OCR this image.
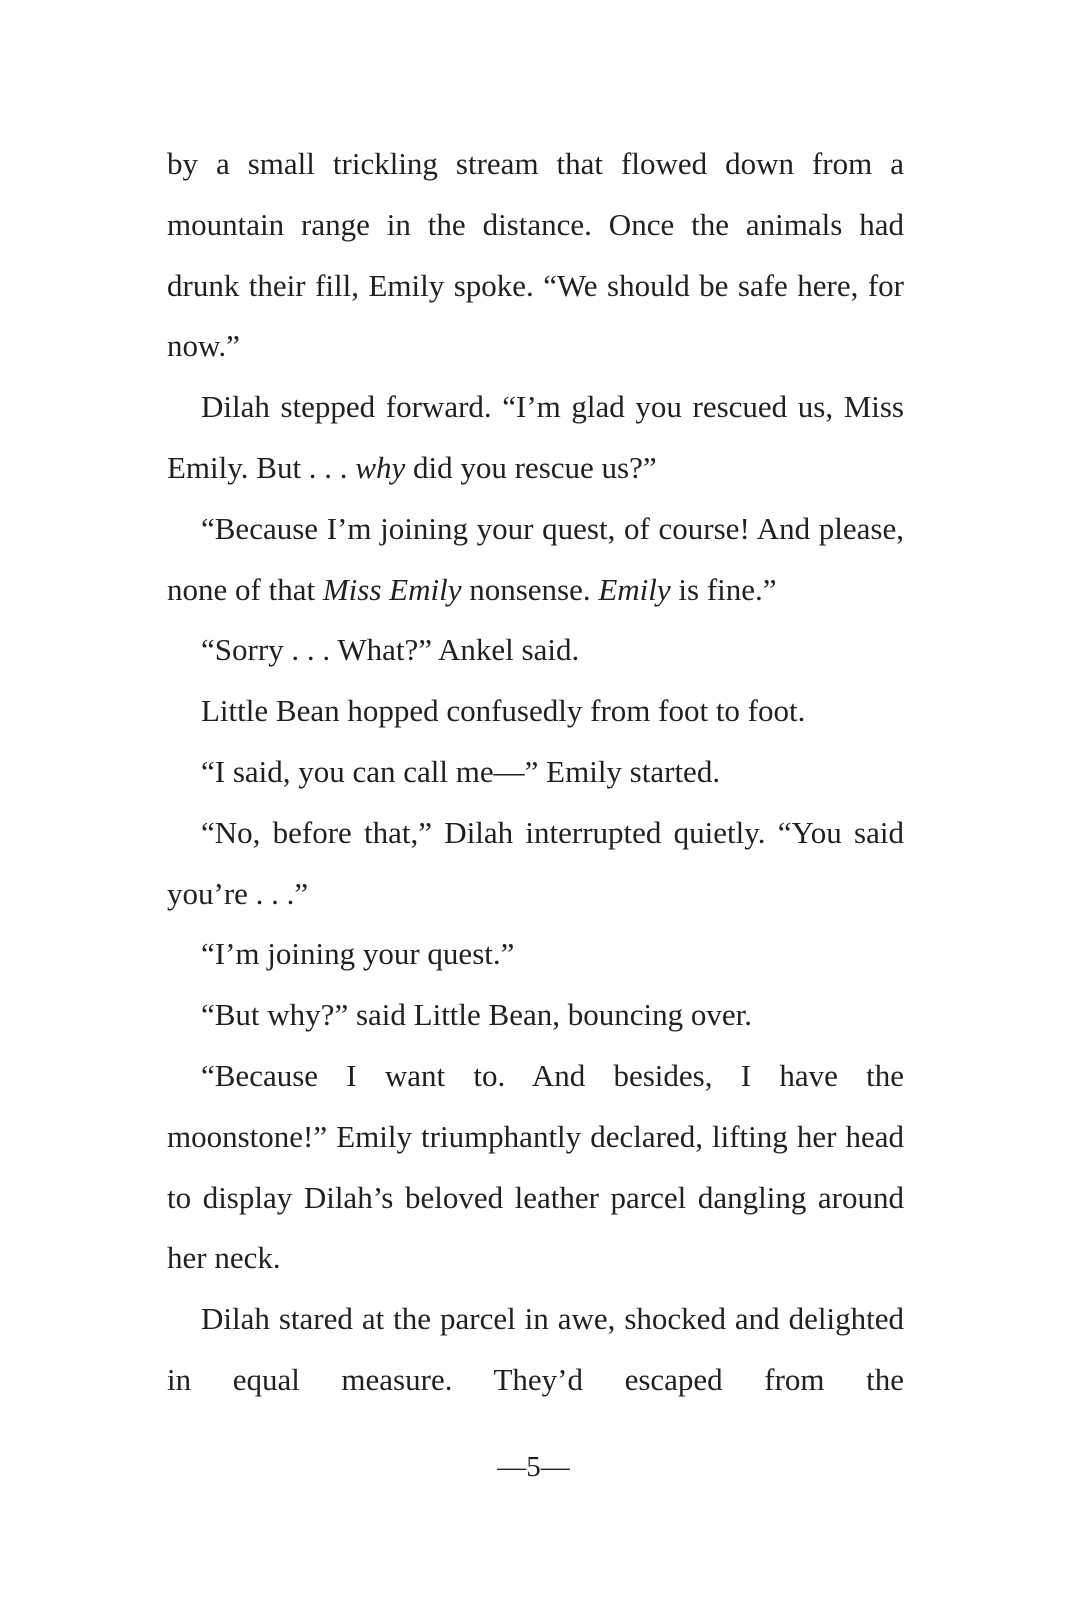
by a small trickling stream that flowed down from a mountain range in the distance. Once the animals had drunk their fill, Emily spoke. “We should be safe here, for now.”

Dilah stepped forward. “I’m glad you rescued us, Miss Emily. But . . . why did you rescue us?”

“Because I’m joining your quest, of course! And please, none of that Miss Emily nonsense. Emily is fine.”

“Sorry . . . What?” Ankel said.

Little Bean hopped confusedly from foot to foot.

“I said, you can call me—” Emily started.

“No, before that,” Dilah interrupted quietly. “You said you’re . . .”

“I’m joining your quest.”

“But why?” said Little Bean, bouncing over.

“Because I want to. And besides, I have the moonstone!” Emily triumphantly declared, lifting her head to display Dilah’s beloved leather parcel dangling around her neck.

Dilah stared at the parcel in awe, shocked and delighted in equal measure. They’d escaped from the

—5—
